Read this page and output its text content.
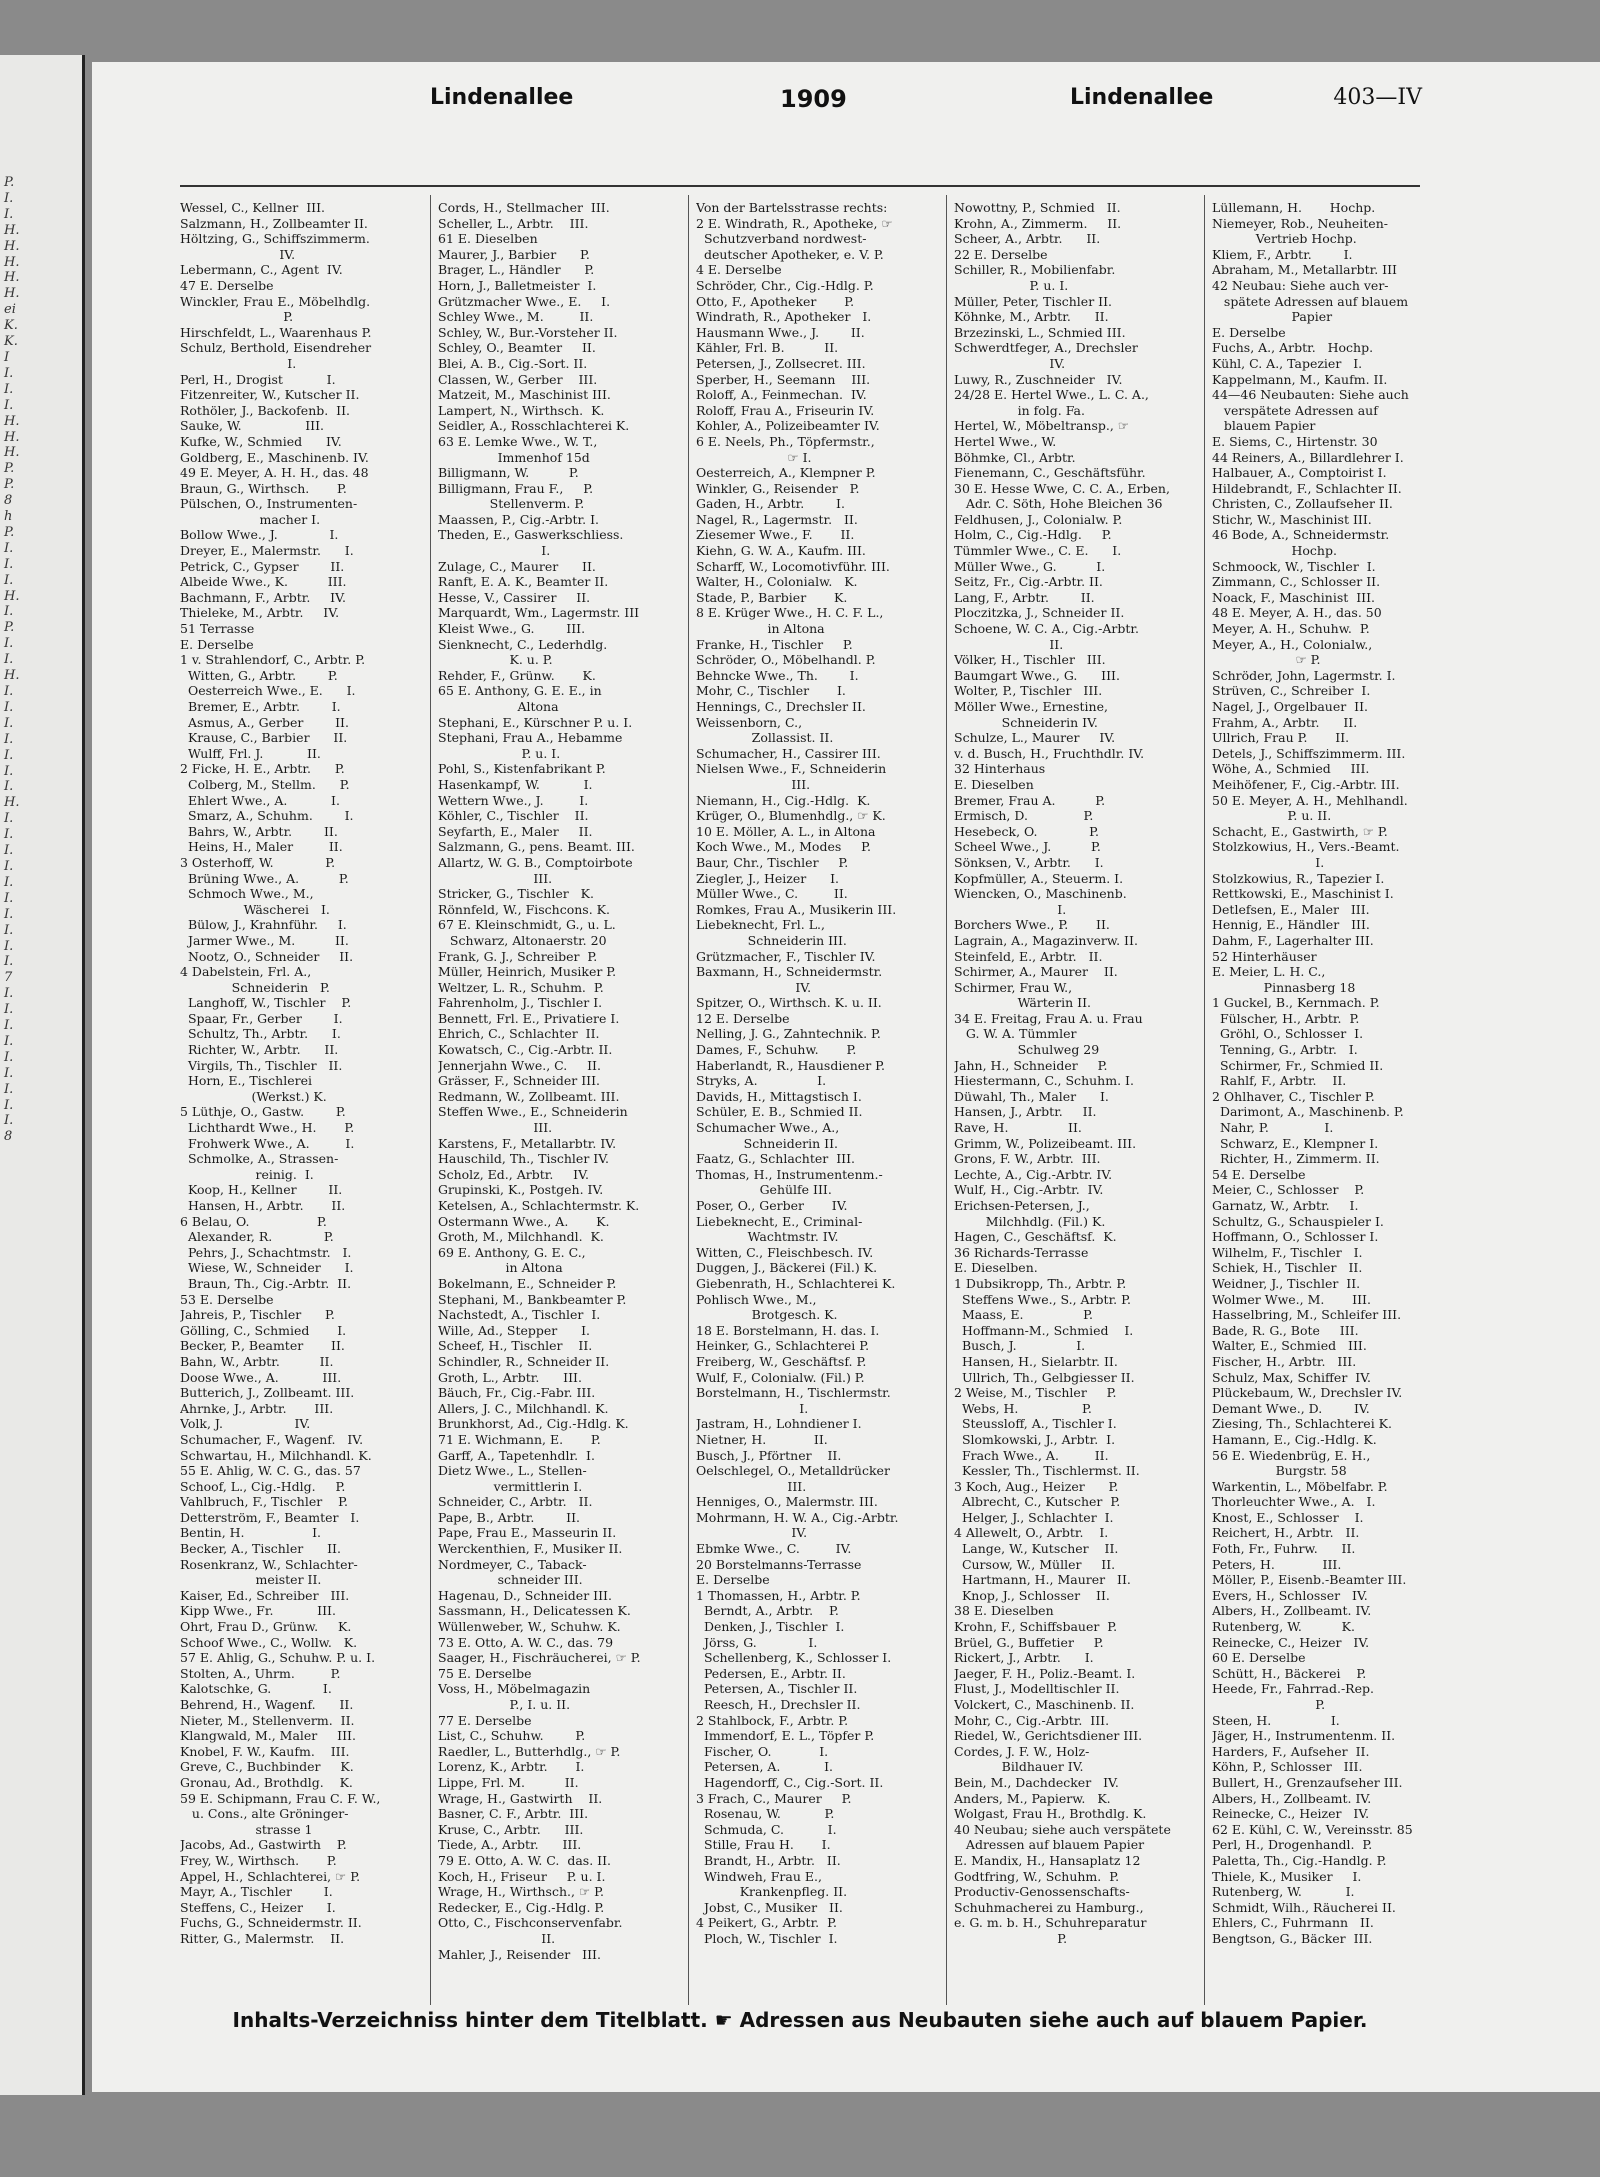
P.
I.
I.
H.
H.
H.
H.
H.
ei
K.
K.
I
I.
I.
I.
H.
H.
H.
P.
P.
8
h
P.
I.
I.
I.
H.
I.
P.
I.
I.
H.
I.
I.
I.
I.
I.
I.
I.
H.
I.
I.
I.
I.
I.
I.
I.
I.
I.
I.
7
I.
I.
I.
I.
I.
I.
I.
I.
I.
8
Lindenallee	1909	Lindenallee	403—IV
Wessel, C., Kellner  III.
Salzmann, H., Zollbeamter II.
Höltzing, G., Schiffszimmerm.
IV.
Lebermann, C., Agent  IV.
47 E. Derselbe
Winckler, Frau E., Möbelhdlg.
P.
Hirschfeldt, L., Waarenhaus P.
Schulz, Berthold, Eisendreher
I.
Perl, H., Drogist           I.
Fitzenreiter, W., Kutscher II.
Rothöler, J., Backofenb.  II.
Sauke, W.                III.
Kufke, W., Schmied      IV.
Goldberg, E., Maschinenb. IV.
49 E. Meyer, A. H. H., das. 48
Braun, G., Wirthsch.       P.
Pülschen, O., Instrumenten-
macher I.
Bollow Wwe., J.             I.
Dreyer, E., Malermstr.      I.
Petrick, C., Gypser        II.
Albeide Wwe., K.          III.
Bachmann, F., Arbtr.     IV.
Thieleke, M., Arbtr.     IV.
51 Terrasse
E. Derselbe
1 v. Strahlendorf, C., Arbtr. P.
Witten, G., Arbtr.        P.
Oesterreich Wwe., E.      I.
Bremer, E., Arbtr.        I.
Asmus, A., Gerber        II.
Krause, C., Barbier      II.
Wulff, Frl. J.           II.
2 Ficke, H. E., Arbtr.      P.
Colberg, M., Stellm.      P.
Ehlert Wwe., A.           I.
Smarz, A., Schuhm.        I.
Bahrs, W., Arbtr.        II.
Heins, H., Maler         II.
3 Osterhoff, W.             P.
Brüning Wwe., A.          P.
Schmoch Wwe., M.,
Wäscherei   I.
Bülow, J., Krahnführ.     I.
Jarmer Wwe., M.          II.
Nootz, O., Schneider     II.
4 Dabelstein, Frl. A.,
Schneiderin   P.
Langhoff, W., Tischler    P.
Spaar, Fr., Gerber        I.
Schultz, Th., Arbtr.      I.
Richter, W., Arbtr.      II.
Virgils, Th., Tischler   II.
Horn, E., Tischlerei
(Werkst.) K.
5 Lüthje, O., Gastw.        P.
Lichthardt Wwe., H.       P.
Frohwerk Wwe., A.         I.
Schmolke, A., Strassen-
reinig.  I.
Koop, H., Kellner        II.
Hansen, H., Arbtr.       II.
6 Belau, O.                 P.
Alexander, R.             P.
Pehrs, J., Schachtmstr.   I.
Wiese, W., Schneider      I.
Braun, Th., Cig.-Arbtr.  II.
53 E. Derselbe
Jahreis, P., Tischler      P.
Gölling, C., Schmied       I.
Becker, P., Beamter       II.
Bahn, W., Arbtr.          II.
Doose Wwe., A.           III.
Butterich, J., Zollbeamt. III.
Ahrnke, J., Arbtr.       III.
Volk, J.                  IV.
Schumacher, F., Wagenf.   IV.
Schwartau, H., Milchhandl. K.
55 E. Ahlig, W. C. G., das. 57
Schoof, L., Cig.-Hdlg.     P.
Vahlbruch, F., Tischler    P.
Detterström, F., Beamter   I.
Bentin, H.                 I.
Becker, A., Tischler      II.
Rosenkranz, W., Schlachter-
meister II.
Kaiser, Ed., Schreiber   III.
Kipp Wwe., Fr.           III.
Ohrt, Frau D., Grünw.     K.
Schoof Wwe., C., Wollw.   K.
57 E. Ahlig, G., Schuhw. P. u. I.
Stolten, A., Uhrm.         P.
Kalotschke, G.             I.
Behrend, H., Wagenf.      II.
Nieter, M., Stellenverm.  II.
Klangwald, M., Maler     III.
Knobel, F. W., Kaufm.    III.
Greve, C., Buchbinder     K.
Gronau, Ad., Brothdlg.    K.
59 E. Schipmann, Frau C. F. W.,
u. Cons., alte Gröninger-
strasse 1
Jacobs, Ad., Gastwirth    P.
Frey, W., Wirthsch.       P.
Appel, H., Schlachterei, ☞ P.
Mayr, A., Tischler        I.
Steffens, C., Heizer      I.
Fuchs, G., Schneidermstr. II.
Ritter, G., Malermstr.    II.
Cords, H., Stellmacher  III.
Scheller, L., Arbtr.    III.
61 E. Dieselben
Maurer, J., Barbier      P.
Brager, L., Händler      P.
Horn, J., Balletmeister  I.
Grützmacher Wwe., E.     I.
Schley Wwe., M.         II.
Schley, W., Bur.-Vorsteher II.
Schley, O., Beamter     II.
Blei, A. B., Cig.-Sort. II.
Classen, W., Gerber    III.
Matzeit, M., Maschinist III.
Lampert, N., Wirthsch.  K.
Seidler, A., Rosschlachterei K.
63 E. Lemke Wwe., W. T.,
Immenhof 15d
Billigmann, W.          P.
Billigmann, Frau F.,     P.
Stellenverm. P.
Maassen, P., Cig.-Arbtr. I.
Theden, E., Gaswerkschliess.
I.
Zulage, C., Maurer      II.
Ranft, E. A. K., Beamter II.
Hesse, V., Cassirer     II.
Marquardt, Wm., Lagermstr. III
Kleist Wwe., G.        III.
Sienknecht, C., Lederhdlg.
K. u. P.
Rehder, F., Grünw.       K.
65 E. Anthony, G. E. E., in
Altona
Stephani, E., Kürschner P. u. I.
Stephani, Frau A., Hebamme
P. u. I.
Pohl, S., Kistenfabrikant P.
Hasenkampf, W.           I.
Wettern Wwe., J.         I.
Köhler, C., Tischler    II.
Seyfarth, E., Maler     II.
Salzmann, G., pens. Beamt. III.
Allartz, W. G. B., Comptoirbote
III.
Stricker, G., Tischler   K.
Rönnfeld, W., Fischcons. K.
67 E. Kleinschmidt, G., u. L.
Schwarz, Altonaerstr. 20
Frank, G. J., Schreiber  P.
Müller, Heinrich, Musiker P.
Weltzer, L. R., Schuhm.  P.
Fahrenholm, J., Tischler I.
Bennett, Frl. E., Privatiere I.
Ehrich, C., Schlachter  II.
Kowatsch, C., Cig.-Arbtr. II.
Jennerjahn Wwe., C.     II.
Grässer, F., Schneider III.
Redmann, W., Zollbeamt. III.
Steffen Wwe., E., Schneiderin
III.
Karstens, F., Metallarbtr. IV.
Hauschild, Th., Tischler IV.
Scholz, Ed., Arbtr.     IV.
Grupinski, K., Postgeh. IV.
Ketelsen, A., Schlachtermstr. K.
Ostermann Wwe., A.       K.
Groth, M., Milchhandl.  K.
69 E. Anthony, G. E. C.,
in Altona
Bokelmann, E., Schneider P.
Stephani, M., Bankbeamter P.
Nachstedt, A., Tischler  I.
Wille, Ad., Stepper      I.
Scheef, H., Tischler    II.
Schindler, R., Schneider II.
Groth, L., Arbtr.      III.
Bäuch, Fr., Cig.-Fabr. III.
Allers, J. C., Milchhandl. K.
Brunkhorst, Ad., Cig.-Hdlg. K.
71 E. Wichmann, E.       P.
Garff, A., Tapetenhdlr.  I.
Dietz Wwe., L., Stellen-
vermittlerin I.
Schneider, C., Arbtr.   II.
Pape, B., Arbtr.        II.
Pape, Frau E., Masseurin II.
Werckenthien, F., Musiker II.
Nordmeyer, C., Taback-
schneider III.
Hagenau, D., Schneider III.
Sassmann, H., Delicatessen K.
Wüllenweber, W., Schuhw. K.
73 E. Otto, A. W. C., das. 79
Saager, H., Fischräucherei, ☞ P.
75 E. Derselbe
Voss, H., Möbelmagazin
P., I. u. II.
77 E. Derselbe
List, C., Schuhw.        P.
Raedler, L., Butterhdlg., ☞ P.
Lorenz, K., Arbtr.       I.
Lippe, Frl. M.          II.
Wrage, H., Gastwirth    II.
Basner, C. F., Arbtr.  III.
Kruse, C., Arbtr.      III.
Tiede, A., Arbtr.      III.
79 E. Otto, A. W. C.  das. II.
Koch, H., Friseur     P. u. I.
Wrage, H., Wirthsch., ☞ P.
Redecker, E., Cig.-Hdlg. P.
Otto, C., Fischconservenfabr.
II.
Mahler, J., Reisender   III.
Von der Bartelsstrasse rechts:
2 E. Windrath, R., Apotheke, ☞
Schutzverband nordwest-
deutscher Apotheker, e. V. P.
4 E. Derselbe
Schröder, Chr., Cig.-Hdlg. P.
Otto, F., Apotheker       P.
Windrath, R., Apotheker   I.
Hausmann Wwe., J.        II.
Kähler, Frl. B.          II.
Petersen, J., Zollsecret. III.
Sperber, H., Seemann    III.
Roloff, A., Feinmechan.  IV.
Roloff, Frau A., Friseurin IV.
Kohler, A., Polizeibeamter IV.
6 E. Neels, Ph., Töpfermstr.,
☞ I.
Oesterreich, A., Klempner P.
Winkler, G., Reisender   P.
Gaden, H., Arbtr.        I.
Nagel, R., Lagermstr.   II.
Ziesemer Wwe., F.       II.
Kiehn, G. W. A., Kaufm. III.
Scharff, W., Locomotivführ. III.
Walter, H., Colonialw.   K.
Stade, P., Barbier       K.
8 E. Krüger Wwe., H. C. F. L.,
in Altona
Franke, H., Tischler     P.
Schröder, O., Möbelhandl. P.
Behncke Wwe., Th.        I.
Mohr, C., Tischler       I.
Hennings, C., Drechsler II.
Weissenborn, C.,
Zollassist. II.
Schumacher, H., Cassirer III.
Nielsen Wwe., F., Schneiderin
III.
Niemann, H., Cig.-Hdlg.  K.
Krüger, O., Blumenhdlg., ☞ K.
10 E. Möller, A. L., in Altona
Koch Wwe., M., Modes     P.
Baur, Chr., Tischler     P.
Ziegler, J., Heizer      I.
Müller Wwe., C.         II.
Romkes, Frau A., Musikerin III.
Liebeknecht, Frl. L.,
Schneiderin III.
Grützmacher, F., Tischler IV.
Baxmann, H., Schneidermstr.
IV.
Spitzer, O., Wirthsch. K. u. II.
12 E. Derselbe
Nelling, J. G., Zahntechnik. P.
Dames, F., Schuhw.       P.
Haberlandt, R., Hausdiener P.
Stryks, A.               I.
Davids, H., Mittagstisch I.
Schüler, E. B., Schmied II.
Schumacher Wwe., A.,
Schneiderin II.
Faatz, G., Schlachter  III.
Thomas, H., Instrumentenm.-
Gehülfe III.
Poser, O., Gerber       IV.
Liebeknecht, E., Criminal-
Wachtmstr. IV.
Witten, C., Fleischbesch. IV.
Duggen, J., Bäckerei (Fil.) K.
Giebenrath, H., Schlachterei K.
Pohlisch Wwe., M.,
Brotgesch. K.
18 E. Borstelmann, H. das. I.
Heinker, G., Schlachterei P.
Freiberg, W., Geschäftsf. P.
Wulf, F., Colonialw. (Fil.) P.
Borstelmann, H., Tischlermstr.
I.
Jastram, H., Lohndiener I.
Nietner, H.            II.
Busch, J., Pförtner    II.
Oelschlegel, O., Metalldrücker
III.
Henniges, O., Malermstr. III.
Mohrmann, H. W. A., Cig.-Arbtr.
IV.
Ebmke Wwe., C.         IV.
20 Borstelmanns-Terrasse
E. Derselbe
1 Thomassen, H., Arbtr. P.
Berndt, A., Arbtr.    P.
Denken, J., Tischler  I.
Jörss, G.             I.
Schellenberg, K., Schlosser I.
Pedersen, E., Arbtr. II.
Petersen, A., Tischler II.
Reesch, H., Drechsler II.
2 Stahlbock, F., Arbtr. P.
Immendorf, E. L., Töpfer P.
Fischer, O.            I.
Petersen, A.           I.
Hagendorff, C., Cig.-Sort. II.
3 Frach, C., Maurer     P.
Rosenau, W.           P.
Schmuda, C.           I.
Stille, Frau H.       I.
Brandt, H., Arbtr.   II.
Windweh, Frau E.,
Krankenpfleg. II.
Jobst, C., Musiker   II.
4 Peikert, G., Arbtr.  P.
Ploch, W., Tischler  I.
Nowottny, P., Schmied   II.
Krohn, A., Zimmerm.     II.
Scheer, A., Arbtr.      II.
22 E. Derselbe
Schiller, R., Mobilienfabr.
P. u. I.
Müller, Peter, Tischler II.
Köhnke, M., Arbtr.      II.
Brzezinski, L., Schmied III.
Schwerdtfeger, A., Drechsler
IV.
Luwy, R., Zuschneider   IV.
24/28 E. Hertel Wwe., L. C. A.,
in folg. Fa.
Hertel, W., Möbeltransp., ☞
Hertel Wwe., W.
Böhmke, Cl., Arbtr.
Fienemann, C., Geschäftsführ.
30 E. Hesse Wwe, C. C. A., Erben,
Adr. C. Söth, Hohe Bleichen 36
Feldhusen, J., Colonialw. P.
Holm, C., Cig.-Hdlg.     P.
Tümmler Wwe., C. E.      I.
Müller Wwe., G.          I.
Seitz, Fr., Cig.-Arbtr. II.
Lang, F., Arbtr.        II.
Ploczitzka, J., Schneider II.
Schoene, W. C. A., Cig.-Arbtr.
II.
Völker, H., Tischler   III.
Baumgart Wwe., G.      III.
Wolter, P., Tischler   III.
Möller Wwe., Ernestine,
Schneiderin IV.
Schulze, L., Maurer     IV.
v. d. Busch, H., Fruchthdlr. IV.
32 Hinterhaus
E. Dieselben
Bremer, Frau A.          P.
Ermisch, D.              P.
Hesebeck, O.             P.
Scheel Wwe., J.          P.
Sönksen, V., Arbtr.      I.
Kopfmüller, A., Steuerm. I.
Wiencken, O., Maschinenb.
I.
Borchers Wwe., P.       II.
Lagrain, A., Magazinverw. II.
Steinfeld, E., Arbtr.   II.
Schirmer, A., Maurer    II.
Schirmer, Frau W.,
Wärterin II.
34 E. Freitag, Frau A. u. Frau
G. W. A. Tümmler
Schulweg 29
Jahn, H., Schneider     P.
Hiestermann, C., Schuhm. I.
Düwahl, Th., Maler      I.
Hansen, J., Arbtr.     II.
Rave, H.               II.
Grimm, W., Polizeibeamt. III.
Grons, F. W., Arbtr.  III.
Lechte, A., Cig.-Arbtr. IV.
Wulf, H., Cig.-Arbtr.  IV.
Erichsen-Petersen, J.,
Milchhdlg. (Fil.) K.
Hagen, C., Geschäftsf.  K.
36 Richards-Terrasse
E. Dieselben.
1 Dubsikropp, Th., Arbtr. P.
Steffens Wwe., S., Arbtr. P.
Maass, E.               P.
Hoffmann-M., Schmied    I.
Busch, J.               I.
Hansen, H., Sielarbtr. II.
Ullrich, Th., Gelbgiesser II.
2 Weise, M., Tischler     P.
Webs, H.                P.
Steussloff, A., Tischler I.
Slomkowski, J., Arbtr.  I.
Frach Wwe., A.         II.
Kessler, Th., Tischlermst. II.
3 Koch, Aug., Heizer      P.
Albrecht, C., Kutscher  P.
Helger, J., Schlachter  I.
4 Allewelt, O., Arbtr.    I.
Lange, W., Kutscher    II.
Cursow, W., Müller     II.
Hartmann, H., Maurer   II.
Knop, J., Schlosser    II.
38 E. Dieselben
Krohn, F., Schiffsbauer  P.
Brüel, G., Buffetier     P.
Rickert, J., Arbtr.      I.
Jaeger, F. H., Poliz.-Beamt. I.
Flust, J., Modelltischler II.
Volckert, C., Maschinenb. II.
Mohr, C., Cig.-Arbtr.  III.
Riedel, W., Gerichtsdiener III.
Cordes, J. F. W., Holz-
Bildhauer IV.
Bein, M., Dachdecker   IV.
Anders, M., Papierw.   K.
Wolgast, Frau H., Brothdlg. K.
40 Neubau; siehe auch verspätete
Adressen auf blauem Papier
E. Mandix, H., Hansaplatz 12
Godtfring, W., Schuhm.  P.
Productiv-Genossenschafts-
Schuhmacherei zu Hamburg.,
e. G. m. b. H., Schuhreparatur
P.
Lüllemann, H.       Hochp.
Niemeyer, Rob., Neuheiten-
Vertrieb Hochp.
Kliem, F., Arbtr.        I.
Abraham, M., Metallarbtr. III
42 Neubau: Siehe auch ver-
spätete Adressen auf blauem
Papier
E. Derselbe
Fuchs, A., Arbtr.   Hochp.
Kühl, C. A., Tapezier   I.
Kappelmann, M., Kaufm. II.
44—46 Neubauten: Siehe auch
verspätete Adressen auf
blauem Papier
E. Siems, C., Hirtenstr. 30
44 Reiners, A., Billardlehrer I.
Halbauer, A., Comptoirist I.
Hildebrandt, F., Schlachter II.
Christen, C., Zollaufseher II.
Stichr, W., Maschinist III.
46 Bode, A., Schneidermstr.
Hochp.
Schmoock, W., Tischler  I.
Zimmann, C., Schlosser II.
Noack, F., Maschinist  III.
48 E. Meyer, A. H., das. 50
Meyer, A. H., Schuhw.  P.
Meyer, A., H., Colonialw.,
☞ P.
Schröder, John, Lagermstr. I.
Strüven, C., Schreiber  I.
Nagel, J., Orgelbauer  II.
Frahm, A., Arbtr.      II.
Ullrich, Frau P.       II.
Detels, J., Schiffszimmerm. III.
Wöhe, A., Schmied     III.
Meihöfener, F., Cig.-Arbtr. III.
50 E. Meyer, A. H., Mehlhandl.
P. u. II.
Schacht, E., Gastwirth, ☞ P.
Stolzkowius, H., Vers.-Beamt.
I.
Stolzkowius, R., Tapezier I.
Rettkowski, E., Maschinist I.
Detlefsen, E., Maler   III.
Hennig, E., Händler   III.
Dahm, F., Lagerhalter III.
52 Hinterhäuser
E. Meier, L. H. C.,
Pinnasberg 18
1 Guckel, B., Kernmach. P.
Fülscher, H., Arbtr.  P.
Gröhl, O., Schlosser  I.
Tenning, G., Arbtr.   I.
Schirmer, Fr., Schmied II.
Rahlf, F., Arbtr.    II.
2 Ohlhaver, C., Tischler P.
Darimont, A., Maschinenb. P.
Nahr, P.              I.
Schwarz, E., Klempner I.
Richter, H., Zimmerm. II.
54 E. Derselbe
Meier, C., Schlosser    P.
Garnatz, W., Arbtr.     I.
Schultz, G., Schauspieler I.
Hoffmann, O., Schlosser I.
Wilhelm, F., Tischler   I.
Schiek, H., Tischler   II.
Weidner, J., Tischler  II.
Wolmer Wwe., M.       III.
Hasselbring, M., Schleifer III.
Bade, R. G., Bote     III.
Walter, E., Schmied   III.
Fischer, H., Arbtr.   III.
Schulz, Max, Schiffer  IV.
Plückebaum, W., Drechsler IV.
Demant Wwe., D.        IV.
Ziesing, Th., Schlachterei K.
Hamann, E., Cig.-Hdlg. K.
56 E. Wiedenbrüg, E. H.,
Burgstr. 58
Warkentin, L., Möbelfabr. P.
Thorleuchter Wwe., A.   I.
Knost, E., Schlosser    I.
Reichert, H., Arbtr.   II.
Foth, Fr., Fuhrw.      II.
Peters, H.            III.
Möller, P., Eisenb.-Beamter III.
Evers, H., Schlosser   IV.
Albers, H., Zollbeamt. IV.
Rutenberg, W.          K.
Reinecke, C., Heizer   IV.
60 E. Derselbe
Schütt, H., Bäckerei    P.
Heede, Fr., Fahrrad.-Rep.
P.
Steen, H.               I.
Jäger, H., Instrumentenm. II.
Harders, F., Aufseher  II.
Köhn, P., Schlosser   III.
Bullert, H., Grenzaufseher III.
Albers, H., Zollbeamt. IV.
Reinecke, C., Heizer   IV.
62 E. Kühl, C. W., Vereinsstr. 85
Perl, H., Drogenhandl.  P.
Paletta, Th., Cig.-Handlg. P.
Thiele, K., Musiker     I.
Rutenberg, W.           I.
Schmidt, Wilh., Räucherei II.
Ehlers, C., Fuhrmann   II.
Bengtson, G., Bäcker  III.
Inhalts-Verzeichniss hinter dem Titelblatt. ☛ Adressen aus Neubauten siehe auch auf blauem Papier.
